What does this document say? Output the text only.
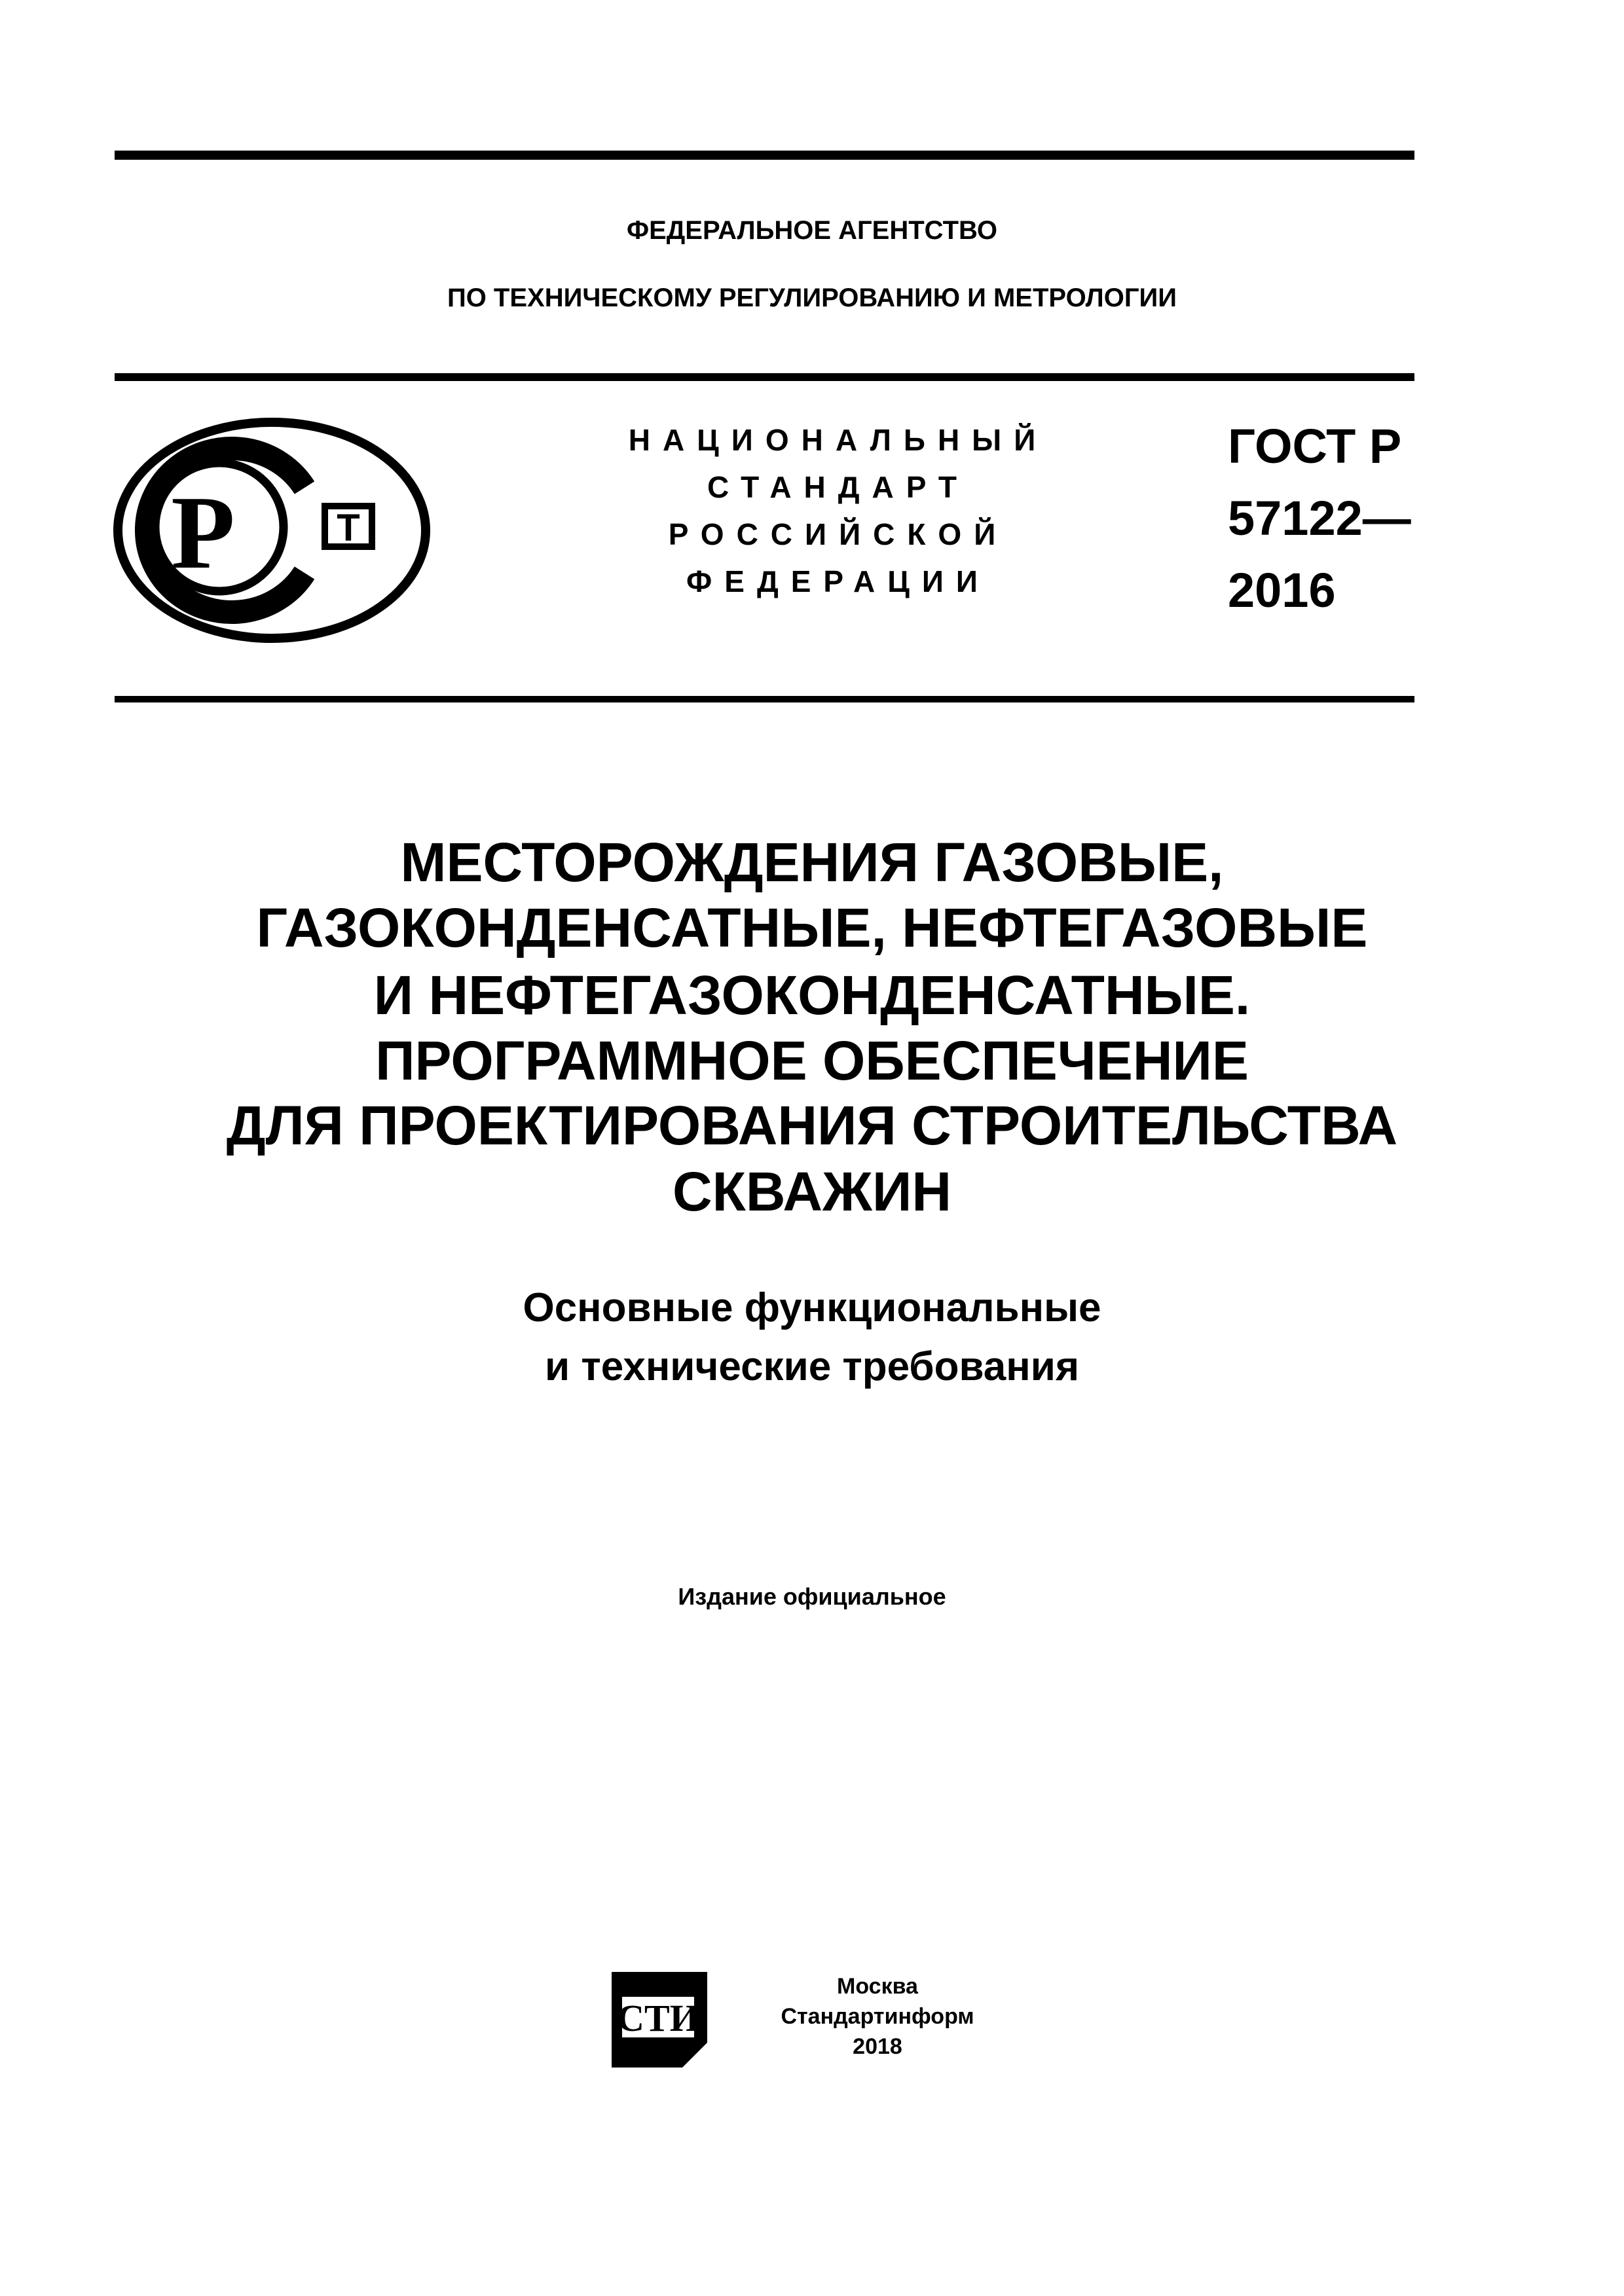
ФЕДЕРАЛЬНОЕ АГЕНТСТВО
ПО ТЕХНИЧЕСКОМУ РЕГУЛИРОВАНИЮ И МЕТРОЛОГИИ
Р	Т
НАЦИОНАЛЬНЫЙ
СТАНДАРТ
РОССИЙСКОЙ
ФЕДЕРАЦИИ
ГОСТ Р
57122—
2016
МЕСТОРОЖДЕНИЯ ГАЗОВЫЕ,
ГАЗОКОНДЕНСАТНЫЕ, НЕФТЕГАЗОВЫЕ
И НЕФТЕГАЗОКОНДЕНСАТНЫЕ.
ПРОГРАММНОЕ ОБЕСПЕЧЕНИЕ
ДЛЯ ПРОЕКТИРОВАНИЯ СТРОИТЕЛЬСТВА
СКВАЖИН
Основные функциональные
и технические требования
Издание официальное
СТИ
Москва
Стандартинформ
2018
